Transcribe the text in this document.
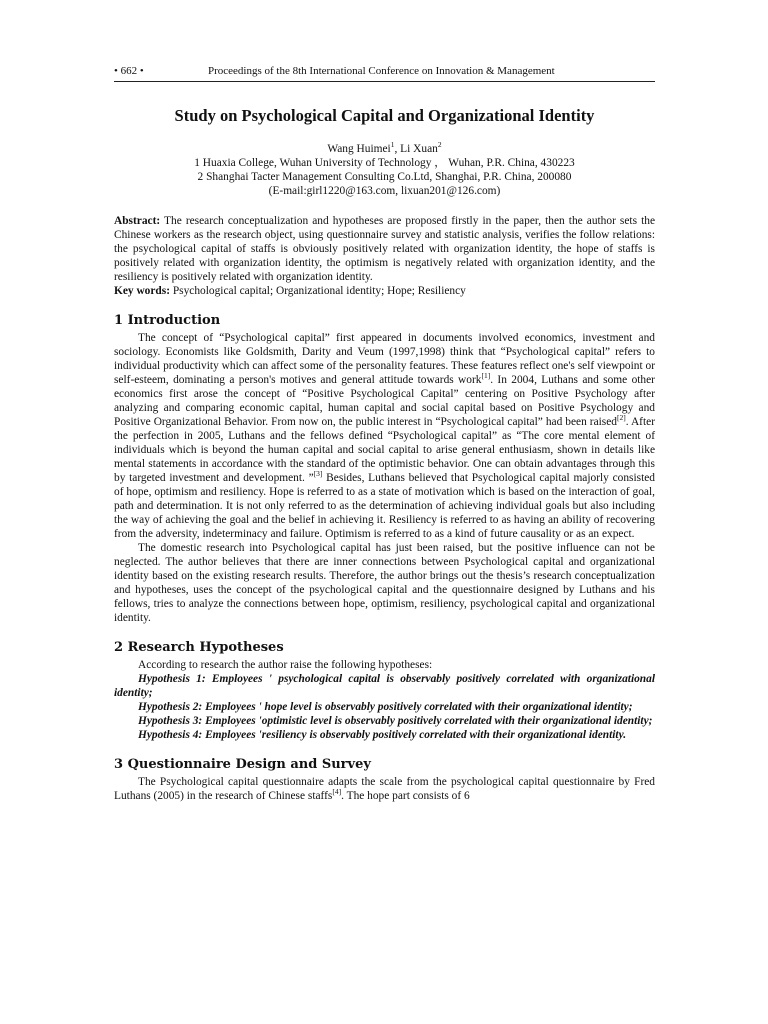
• 662 •	Proceedings of the 8th International Conference on Innovation & Management
Study on Psychological Capital and Organizational Identity
Wang Huimei$^1$, Li Xuan$^2$
1 Huaxia College, Wuhan University of Technology ， Wuhan, P.R. China, 430223
2 Shanghai Tacter Management Consulting Co.Ltd, Shanghai, P.R. China, 200080
(E-mail:girl1220@163.com, lixuan201@126.com)

Abstract: The research conceptualization and hypotheses are proposed firstly in the paper, then the author sets the Chinese workers as the research object, using questionnaire survey and statistic analysis, verifies the follow relations: the psychological capital of staffs is obviously positively related with organization identity, the hope of staffs is positively related with organization identity, the optimism is negatively related with organization identity, and the resiliency is positively related with organization identity.

Key words: Psychological capital; Organizational identity; Hope; Resiliency

1 Introduction

The concept of “Psychological capital” first appeared in documents involved economics, investment and sociology. Economists like Goldsmith, Darity and Veum (1997,1998) think that “Psychological capital” refers to individual productivity which can affect some of the personality features. These features reflect one's self viewpoint or self-esteem, dominating a person's motives and general attitude towards work[1]. In 2004, Luthans and some other economics first arose the concept of “Positive Psychological Capital” centering on Positive Psychology after analyzing and comparing economic capital, human capital and social capital based on Positive Psychology and Positive Organizational Behavior. From now on, the public interest in “Psychological capital” had been raised[2]. After the perfection in 2005, Luthans and the fellows defined “Psychological capital” as “The core mental element of individuals which is beyond the human capital and social capital to arise general enthusiasm, shown in details like mental statements in accordance with the standard of the optimistic behavior. One can obtain advantages through this by targeted investment and development. ”[3] Besides, Luthans believed that Psychological capital majorly consisted of hope, optimism and resiliency. Hope is referred to as a state of motivation which is based on the interaction of goal, path and determination. It is not only referred to as the determination of achieving individual goals but also including the way of achieving the goal and the belief in achieving it. Resiliency is referred to as having an ability of recovering from the adversity, indeterminacy and failure. Optimism is referred to as a kind of future causality or as an expect.

The domestic research into Psychological capital has just been raised, but the positive influence can not be neglected. The author believes that there are inner connections between Psychological capital and organizational identity based on the existing research results. Therefore, the author brings out the thesis’s research conceptualization and hypotheses, uses the concept of the psychological capital and the questionnaire designed by Luthans and his fellows, tries to analyze the connections between hope, optimism, resiliency, psychological capital and organizational identity.

2 Research Hypotheses

According to research the author raise the following hypotheses:

Hypothesis 1: Employees ' psychological capital is observably positively correlated with organizational identity;

Hypothesis 2: Employees ' hope level is observably positively correlated with their organizational identity;

Hypothesis 3: Employees 'optimistic level is observably positively correlated with their organizational identity;

Hypothesis 4: Employees 'resiliency is observably positively correlated with their organizational identity.

3 Questionnaire Design and Survey

The Psychological capital questionnaire adapts the scale from the psychological capital questionnaire by Fred Luthans (2005) in the research of Chinese staffs[4]. The hope part consists of 6
